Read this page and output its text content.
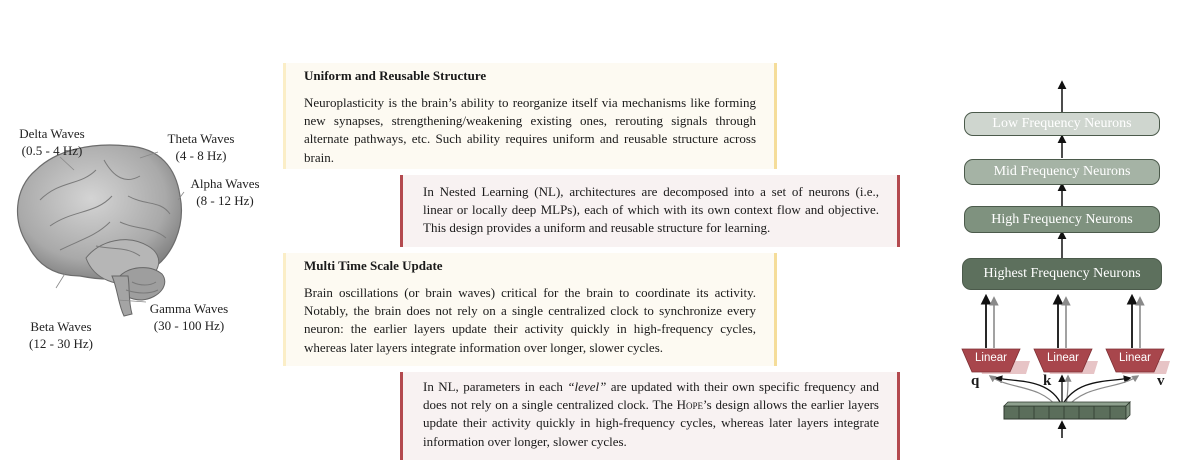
Delta Waves
(0.5 - 4 Hz)
Theta Waves
(4 - 8 Hz)
Alpha Waves
(8 - 12 Hz)
Gamma Waves
(30 - 100 Hz)
Beta Waves
(12 - 30 Hz)
Uniform and Reusable Structure
Neuroplasticity is the brain’s ability to reorganize itself via mechanisms like forming new synapses, strengthening/weakening existing ones, rerouting signals through alternate pathways, etc. Such ability requires uniform and reusable structure across brain.
In Nested Learning (NL), architectures are decomposed into a set of neurons (i.e., linear or locally deep MLPs), each of which with its own context flow and objective. This design provides a uniform and reusable structure for learning.
Multi Time Scale Update
Brain oscillations (or brain waves) critical for the brain to coordinate its activity. Notably, the brain does not rely on a single centralized clock to synchronize every neuron: the earlier layers update their activity quickly in high-frequency cycles, whereas later layers integrate information over longer, slower cycles.
In NL, parameters in each “level” are updated with their own specific frequency and does not rely on a single centralized clock. The Hope’s design allows the earlier layers update their activity quickly in high-frequency cycles, whereas later layers integrate information over longer, slower cycles.
Low Frequency Neurons
Mid Frequency Neurons
High Frequency Neurons
Highest Frequency Neurons
Linear	Linear	Linear
q	k	v
